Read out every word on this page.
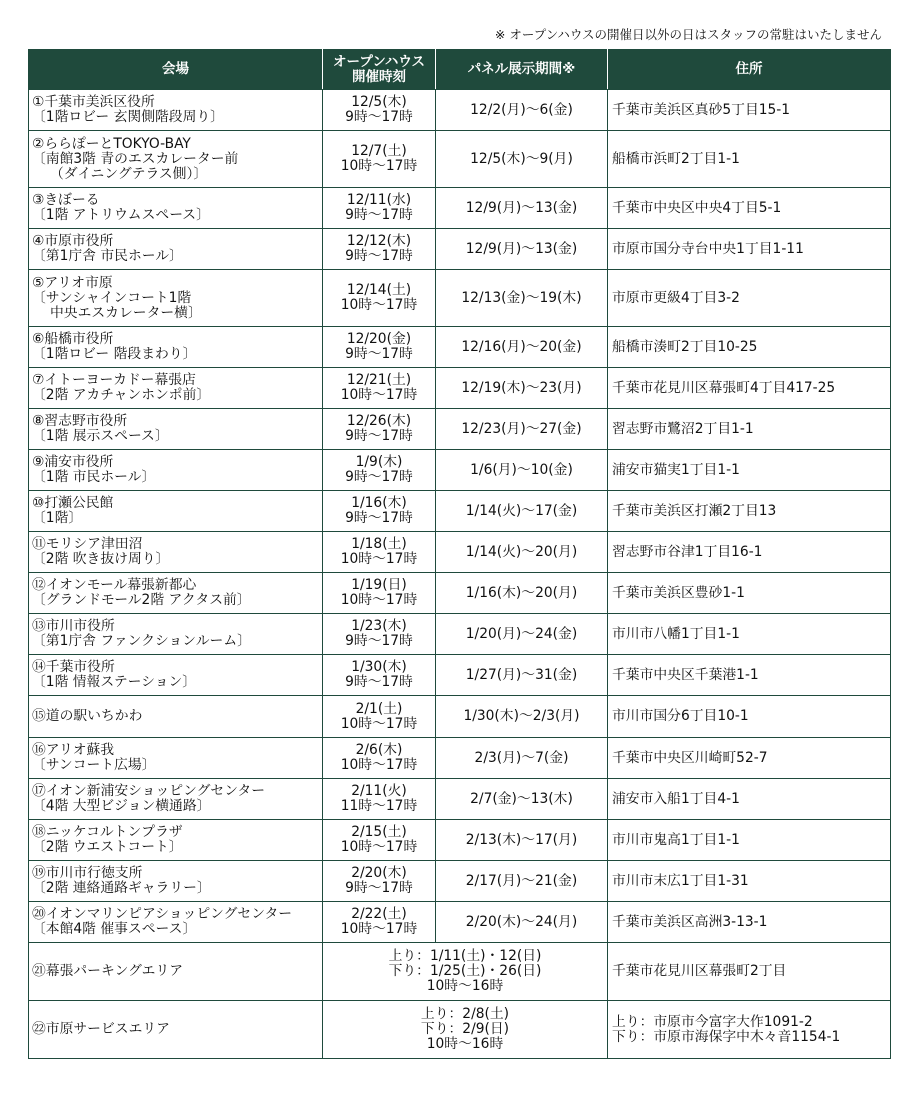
※ オープンハウスの開催日以外の日はスタッフの常駐はいたしません
会場	オープンハウス
開催時刻	パネル展示期間※	住所

①千葉市美浜区役所
〔1階ロビー 玄関側階段周り〕	12/5(木)
9時～17時	12/2(月)～6(金)	千葉市美浜区真砂5丁目15-1

②ららぽーとTOKYO-BAY
〔南館3階 青のエスカレーター前
（ダイニングテラス側）〕	12/7(土)
10時～17時	12/5(木)～9(月)	船橋市浜町2丁目1-1

③きぼーる
〔1階 アトリウムスペース〕	12/11(水)
9時～17時	12/9(月)～13(金)	千葉市中央区中央4丁目5-1

④市原市役所
〔第1庁舎 市民ホール〕	12/12(木)
9時～17時	12/9(月)～13(金)	市原市国分寺台中央1丁目1-11

⑤アリオ市原
〔サンシャインコート1階
中央エスカレーター横〕	12/14(土)
10時～17時	12/13(金)～19(木)	市原市更級4丁目3-2

⑥船橋市役所
〔1階ロビー 階段まわり〕	12/20(金)
9時～17時	12/16(月)～20(金)	船橋市湊町2丁目10-25

⑦イトーヨーカドー幕張店
〔2階 アカチャンホンポ前〕	12/21(土)
10時～17時	12/19(木)～23(月)	千葉市花見川区幕張町4丁目417-25

⑧習志野市役所
〔1階 展示スペース〕	12/26(木)
9時～17時	12/23(月)～27(金)	習志野市鷺沼2丁目1-1

⑨浦安市役所
〔1階 市民ホール〕	1/9(木)
9時～17時	1/6(月)～10(金)	浦安市猫実1丁目1-1

⑩打瀬公民館
〔1階〕	1/16(木)
9時～17時	1/14(火)～17(金)	千葉市美浜区打瀬2丁目13

⑪モリシア津田沼
〔2階 吹き抜け周り〕	1/18(土)
10時～17時	1/14(火)～20(月)	習志野市谷津1丁目16-1

⑫イオンモール幕張新都心
〔グランドモール2階 アクタス前〕	1/19(日)
10時～17時	1/16(木)～20(月)	千葉市美浜区豊砂1-1

⑬市川市役所
〔第1庁舎 ファンクションルーム〕	1/23(木)
9時～17時	1/20(月)～24(金)	市川市八幡1丁目1-1

⑭千葉市役所
〔1階 情報ステーション〕	1/30(木)
9時～17時	1/27(月)～31(金)	千葉市中央区千葉港1-1

⑮道の駅いちかわ	2/1(土)
10時～17時	1/30(木)～2/3(月)	市川市国分6丁目10-1

⑯アリオ蘇我
〔サンコート広場〕	2/6(木)
10時～17時	2/3(月)～7(金)	千葉市中央区川崎町52-7

⑰イオン新浦安ショッピングセンター
〔4階 大型ビジョン横通路〕	2/11(火)
11時～17時	2/7(金)～13(木)	浦安市入船1丁目4-1

⑱ニッケコルトンプラザ
〔2階 ウエストコート〕	2/15(土)
10時～17時	2/13(木)～17(月)	市川市鬼高1丁目1-1

⑲市川市行徳支所
〔2階 連絡通路ギャラリー〕	2/20(木)
9時～17時	2/17(月)～21(金)	市川市末広1丁目1-31

⑳イオンマリンピアショッピングセンター
〔本館4階 催事スペース〕	2/22(土)
10時～17時	2/20(木)～24(月)	千葉市美浜区高洲3-13-1

㉑幕張パーキングエリア	上り：1/11(土)・12(日)
下り：1/25(土)・26(日)
10時～16時		千葉市花見川区幕張町2丁目

㉒市原サービスエリア	上り：2/8(土)
下り：2/9(日)
10時～16時		上り：市原市今富字大作1091-2
下り：市原市海保字中木々音1154-1
